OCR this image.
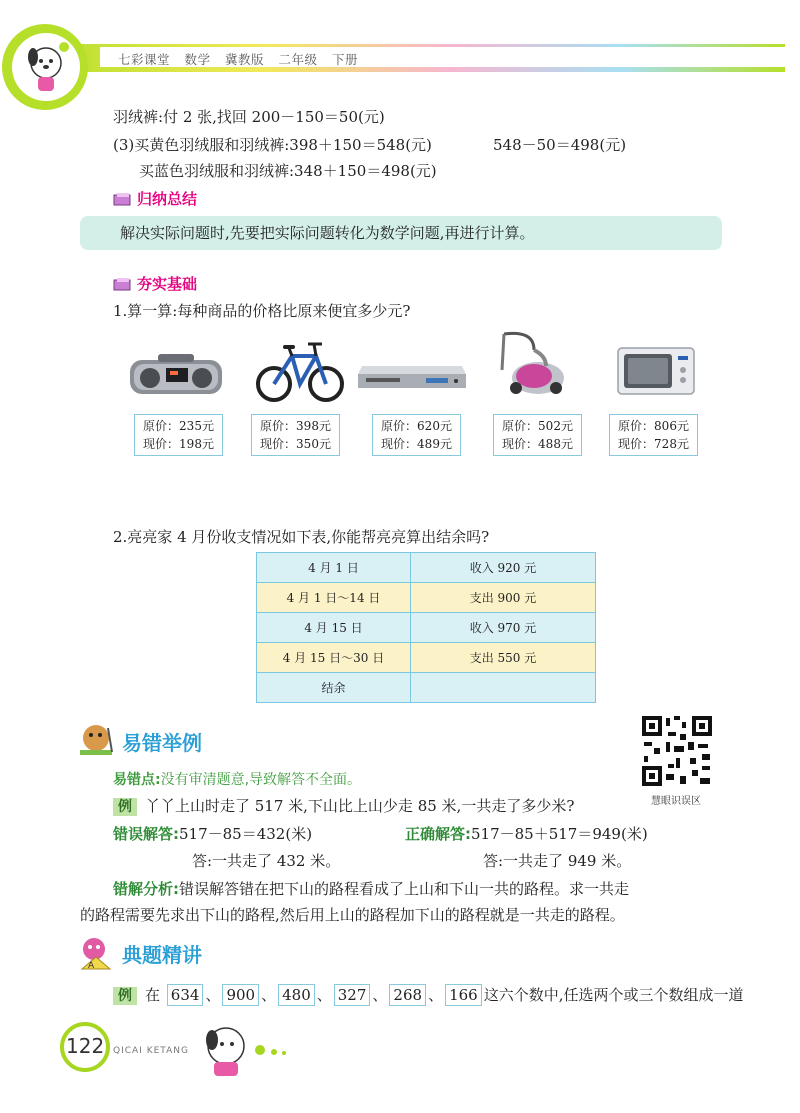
七彩课堂 数学 冀教版 二年级 下册
羽绒裤:付 2 张,找回 200－150＝50(元)
(3)买黄色羽绒服和羽绒裤:398＋150＝548(元)	548－50＝498(元)
买蓝色羽绒服和羽绒裤:348＋150＝498(元)
归纳总结
解决实际问题时,先要把实际问题转化为数学问题,再进行计算。
夯实基础
1.算一算:每种商品的价格比原来便宜多少元?
原价：235元
现价：198元
原价：398元
现价：350元
原价：620元
现价：489元
原价：502元
现价：488元
原价：806元
现价：728元
2.亮亮家 4 月份收支情况如下表,你能帮亮亮算出结余吗?
4 月 1 日	收入 920 元
4 月 1 日～14 日	支出 900 元
4 月 15 日	收入 970 元
4 月 15 日～30 日	支出 550 元
结余	
易错举例
慧眼识误区
易错点:没有审清题意,导致解答不全面。
例 丫丫上山时走了 517 米,下山比上山少走 85 米,一共走了多少米?
错误解答:517－85＝432(米)	正确解答:517－85＋517＝949(米)
答:一共走了 432 米。	答:一共走了 949 米。
错解分析:错误解答错在把下山的路程看成了上山和下山一共的路程。求一共走
的路程需要先求出下山的路程,然后用上山的路程加下山的路程就是一共走的路程。
A 典题精讲
例 在 634 、 900 、 480 、 327 、 268 、 166 这六个数中,任选两个或三个数组成一道
122 QICAI KETANG
